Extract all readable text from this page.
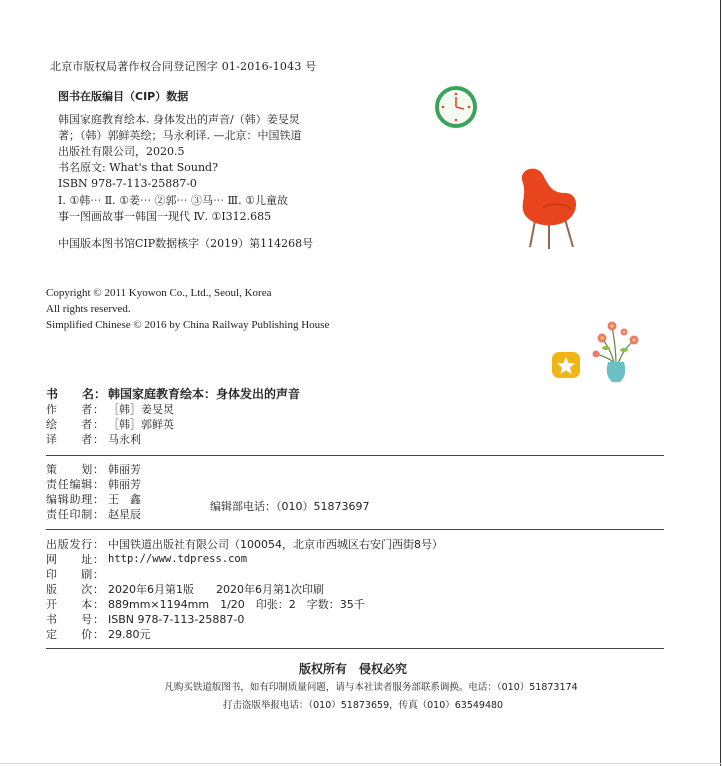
北京市版权局著作权合同登记图字 01-2016-1043 号
图书在版编目（CIP）数据
韩国家庭教育绘本. 身体发出的声音/（韩）姜旻炅
著；（韩）郭鲜英绘；马永利译. —北京：中国铁道
出版社有限公司，2020.5
书名原文: What's that Sound?
ISBN 978-7-113-25887-0
Ⅰ. ①韩⋯ Ⅱ. ①姜⋯ ②郭⋯ ③马⋯ Ⅲ. ①儿童故
事一图画故事一韩国一现代 Ⅳ. ①I312.685
中国版本图书馆CIP数据核字（2019）第114268号
Copyright © 2011 Kyowon Co., Ltd., Seoul, Korea
All rights reserved.
Simplified Chinese © 2016 by China Railway Publishing House
书　　名： 韩国家庭教育绘本：身体发出的声音
作　　者： ［韩］姜旻炅
绘　　者： ［韩］郭鲜英
译　　者： 马永利
策　　划： 韩丽芳
责任编辑： 韩丽芳
编辑助理： 王　鑫
责任印制： 赵星辰
编辑部电话：（010）51873697
出版发行： 中国铁道出版社有限公司（100054，北京市西城区右安门西街8号）
网　　址： http://www.tdpress.com
印　　刷：
版　　次： 2020年6月第1版　　2020年6月第1次印刷
开　　本： 889mm×1194mm　1/20　印张：2　字数：35千
书　　号： ISBN 978-7-113-25887-0
定　　价： 29.80元
版权所有　侵权必究
凡购买铁道版图书，如有印制质量问题，请与本社读者服务部联系调换。电话：（010）51873174
打击盗版举报电话：（010）51873659，传真（010）63549480
